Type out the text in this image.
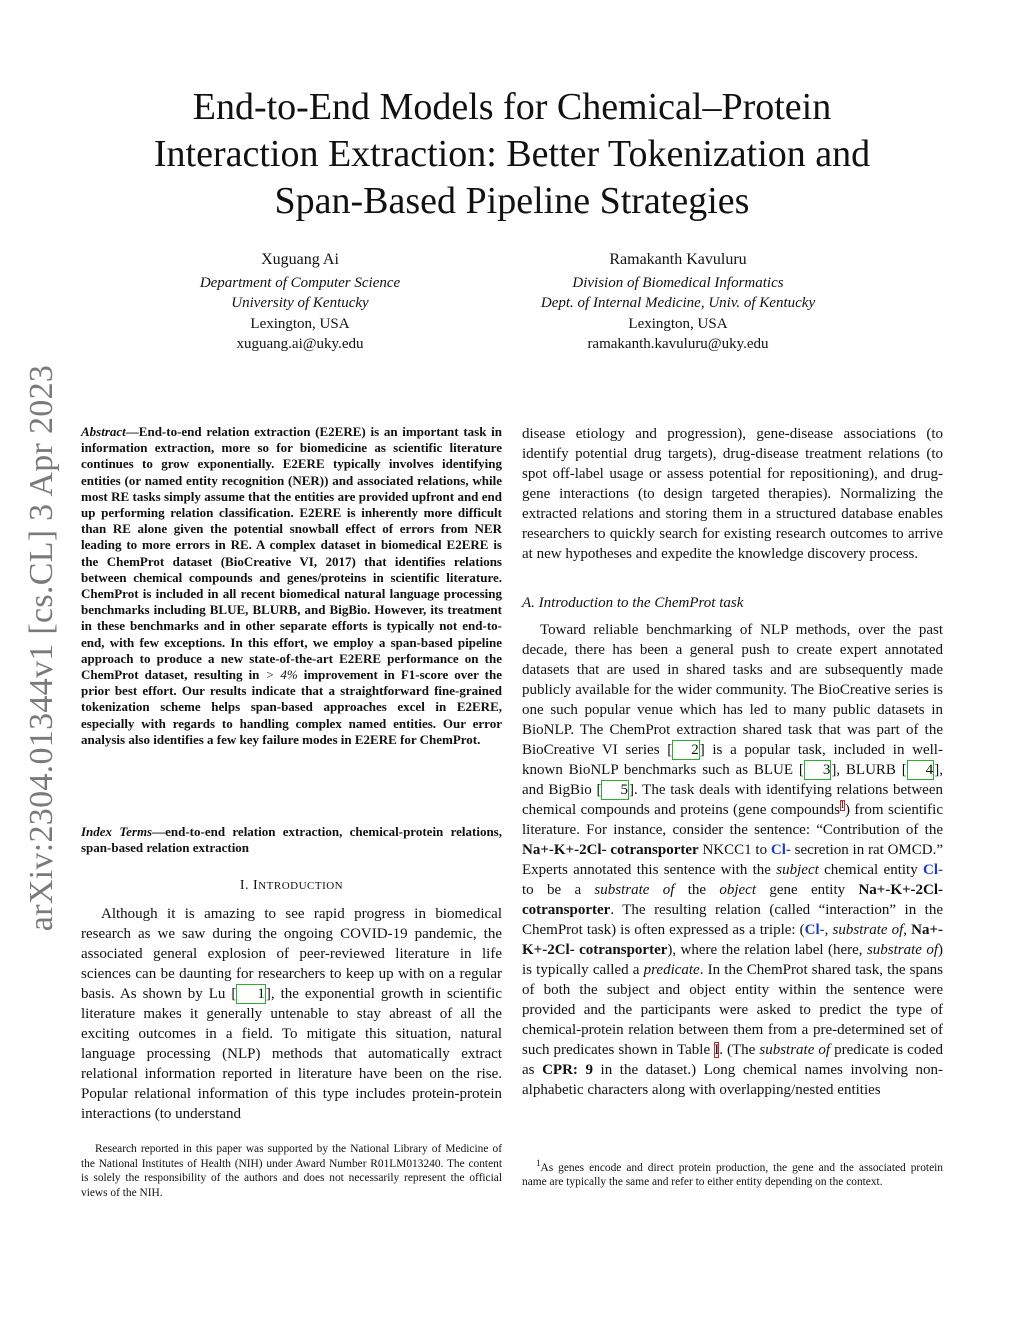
arXiv:2304.01344v1 [cs.CL] 3 Apr 2023
End-to-End Models for Chemical–Protein
Interaction Extraction: Better Tokenization and
Span-Based Pipeline Strategies
Xuguang Ai
Department of Computer Science
University of Kentucky
Lexington, USA
xuguang.ai@uky.edu
Ramakanth Kavuluru
Division of Biomedical Informatics
Dept. of Internal Medicine, Univ. of Kentucky
Lexington, USA
ramakanth.kavuluru@uky.edu

Abstract—End-to-end relation extraction (E2ERE) is an important task in information extraction, more so for biomedicine as scientific literature continues to grow exponentially. E2ERE typically involves identifying entities (or named entity recognition (NER)) and associated relations, while most RE tasks simply assume that the entities are provided upfront and end up performing relation classification. E2ERE is inherently more difficult than RE alone given the potential snowball effect of errors from NER leading to more errors in RE. A complex dataset in biomedical E2ERE is the ChemProt dataset (BioCreative VI, 2017) that identifies relations between chemical compounds and genes/proteins in scientific literature. ChemProt is included in all recent biomedical natural language processing benchmarks including BLUE, BLURB, and BigBio. However, its treatment in these benchmarks and in other separate efforts is typically not end-to-end, with few exceptions. In this effort, we employ a span-based pipeline approach to produce a new state-of-the-art E2ERE performance on the ChemProt dataset, resulting in > 4% improvement in F1-score over the prior best effort. Our results indicate that a straightforward fine-grained tokenization scheme helps span-based approaches excel in E2ERE, especially with regards to handling complex named entities. Our error analysis also identifies a few key failure modes in E2ERE for ChemProt.

Index Terms—end-to-end relation extraction, chemical-protein relations, span-based relation extraction

I. INTRODUCTION

Although it is amazing to see rapid progress in biomedical research as we saw during the ongoing COVID-19 pandemic, the associated general explosion of peer-reviewed literature in life sciences can be daunting for researchers to keep up with on a regular basis. As shown by Lu [ 1], the exponential growth in scientific literature makes it generally untenable to stay abreast of all the exciting outcomes in a field. To mitigate this situation, natural language processing (NLP) methods that automatically extract relational information reported in literature have been on the rise. Popular relational information of this type includes protein-protein interactions (to understand

Research reported in this paper was supported by the National Library of Medicine of the National Institutes of Health (NIH) under Award Number R01LM013240. The content is solely the responsibility of the authors and does not necessarily represent the official views of the NIH.

disease etiology and progression), gene-disease associations (to identify potential drug targets), drug-disease treatment relations (to spot off-label usage or assess potential for repositioning), and drug-gene interactions (to design targeted therapies). Normalizing the extracted relations and storing them in a structured database enables researchers to quickly search for existing research outcomes to arrive at new hypotheses and expedite the knowledge discovery process.

A. Introduction to the ChemProt task

Toward reliable benchmarking of NLP methods, over the past decade, there has been a general push to create expert annotated datasets that are used in shared tasks and are subsequently made publicly available for the wider community. The BioCreative series is one such popular venue which has led to many public datasets in BioNLP. The ChemProt extraction shared task that was part of the BioCreative VI series [ 2] is a popular task, included in well-known BioNLP benchmarks such as BLUE [ 3], BLURB [ 4], and BigBio [ 5]. The task deals with identifying relations between chemical compounds and proteins (gene compounds$^1$) from scientific literature. For instance, consider the sentence: “Contribution of the Na+-K+-2Cl- cotransporter NKCC1 to Cl- secretion in rat OMCD.” Experts annotated this sentence with the subject chemical entity Cl- to be a substrate of the object gene entity Na+-K+-2Cl- cotransporter. The resulting relation (called “interaction” in the ChemProt task) is often expressed as a triple: (Cl-, substrate of, Na+-K+-2Cl- cotransporter), where the relation label (here, substrate of) is typically called a predicate. In the ChemProt shared task, the spans of both the subject and object entity within the sentence were provided and the participants were asked to predict the type of chemical-protein relation between them from a pre-determined set of such predicates shown in Table I. (The substrate of predicate is coded as CPR: 9 in the dataset.) Long chemical names involving non-alphabetic characters along with overlapping/nested entities

$^1$As genes encode and direct protein production, the gene and the associated protein name are typically the same and refer to either entity depending on the context.
